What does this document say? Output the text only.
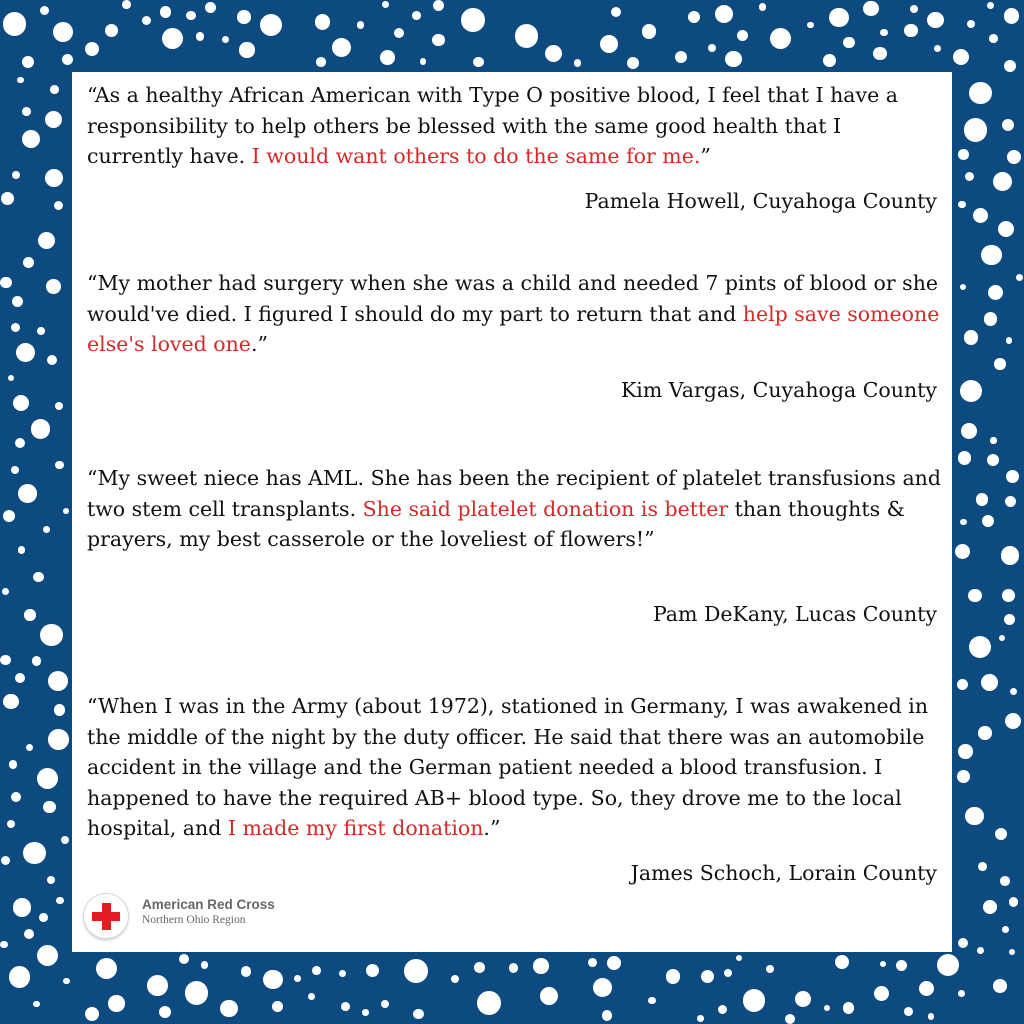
“As a healthy African American with Type O positive blood, I feel that I have a responsibility to help others be blessed with the same good health that I currently have. I would want others to do the same for me.”

Pamela Howell, Cuyahoga County

“My mother had surgery when she was a child and needed 7 pints of blood or she would've died. I figured I should do my part to return that and help save someone else's loved one.”

Kim Vargas, Cuyahoga County

“My sweet niece has AML. She has been the recipient of platelet transfusions and two stem cell transplants. She said platelet donation is better than thoughts & prayers, my best casserole or the loveliest of flowers!”

Pam DeKany, Lucas County

“When I was in the Army (about 1972), stationed in Germany, I was awakened in the middle of the night by the duty officer. He said that there was an automobile accident in the village and the German patient needed a blood transfusion. I happened to have the required AB+ blood type. So, they drove me to the local hospital, and I made my first donation.”

James Schoch, Lorain County
American Red Cross
Northern Ohio Region
